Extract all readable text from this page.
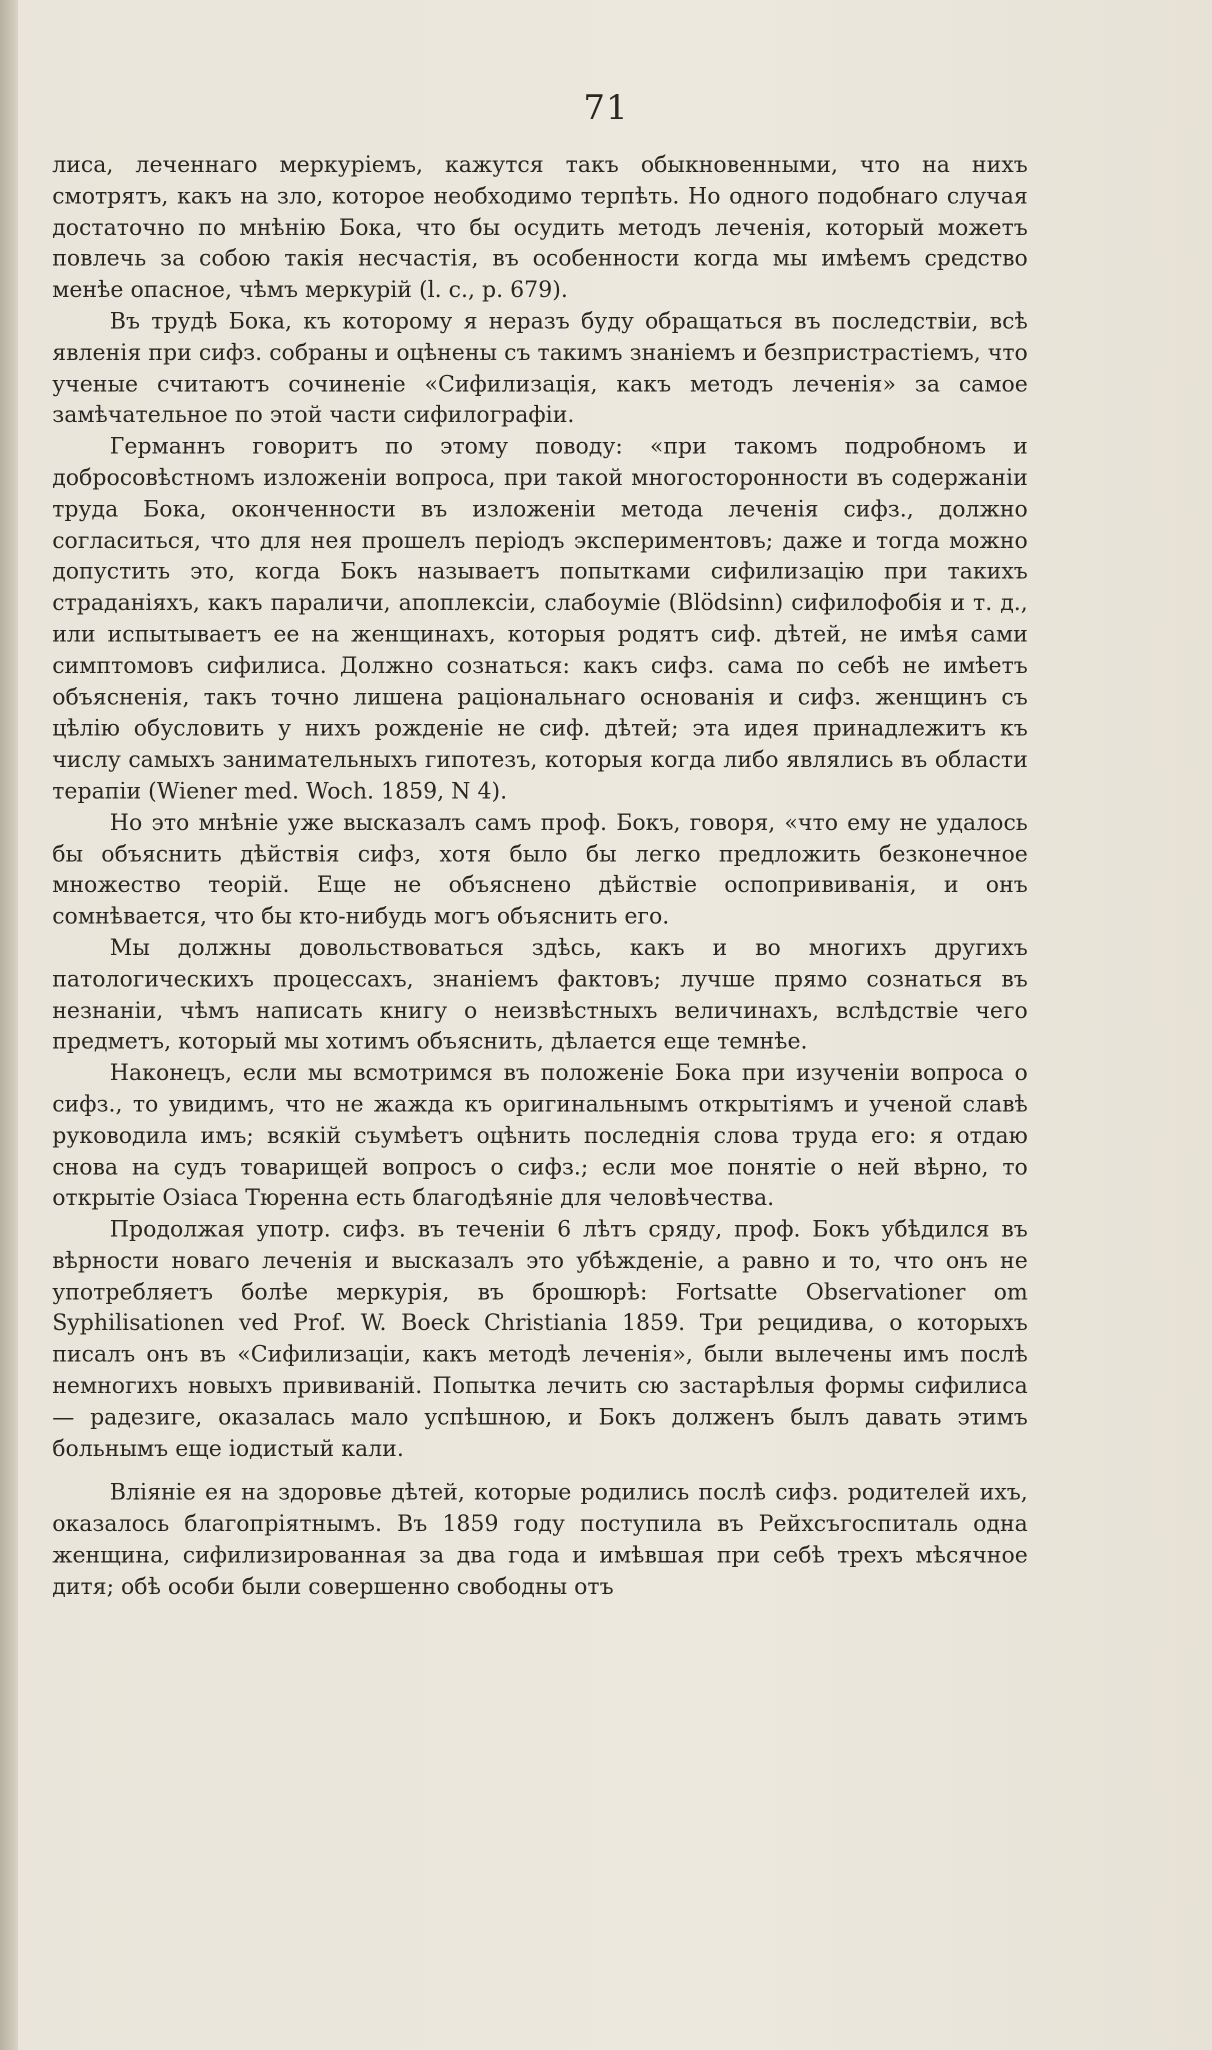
71

лиса, леченнаго меркуріемъ, кажутся такъ обыкновенными, что на нихъ смотрятъ, какъ на зло, которое необходимо терпѣть. Но одного подобнаго случая достаточно по мнѣнію Бока, что бы осудить методъ леченія, который можетъ повлечь за собою такія несчастія, въ особенности когда мы имѣемъ средство менѣе опасное, чѣмъ меркурій (l. c., p. 679).

Въ трудѣ Бока, къ которому я неразъ буду обращаться въ последствіи, всѣ явленія при сифз. собраны и оцѣнены съ такимъ знаніемъ и безпристрастіемъ, что ученые считаютъ сочиненіе «Сифилизація, какъ методъ леченія» за самое замѣчательное по этой части сифилографіи.

Германнъ говоритъ по этому поводу: «при такомъ подробномъ и добросовѣстномъ изложеніи вопроса, при такой многосторонности въ содержаніи труда Бока, оконченности въ изложеніи метода леченія сифз., должно согласиться, что для нея прошелъ періодъ экспериментовъ; даже и тогда можно допустить это, когда Бокъ называетъ попытками сифилизацію при такихъ страданіяхъ, какъ параличи, апоплексіи, слабоуміе (Blödsinn) сифилофобія и т. д., или испытываетъ ее на женщинахъ, которыя родятъ сиф. дѣтей, не имѣя сами симптомовъ сифилиса. Должно сознаться: какъ сифз. сама по себѣ не имѣетъ объясненія, такъ точно лишена раціональнаго основанія и сифз. женщинъ съ цѣлію обусловить у нихъ рожденіе не сиф. дѣтей; эта идея принадлежитъ къ числу самыхъ занимательныхъ гипотезъ, которыя когда либо являлись въ области терапіи (Wiener med. Woch. 1859, N 4).

Но это мнѣніе уже высказалъ самъ проф. Бокъ, говоря, «что ему не удалось бы объяснить дѣйствія сифз, хотя было бы легко предложить безконечное множество теорій. Еще не объяснено дѣйствіе оспопрививанія, и онъ сомнѣвается, что бы кто-нибудь могъ объяснить его.

Мы должны довольствоваться здѣсь, какъ и во многихъ другихъ патологическихъ процессахъ, знаніемъ фактовъ; лучше прямо сознаться въ незнаніи, чѣмъ написать книгу о неизвѣстныхъ величинахъ, вслѣдствіе чего предметъ, который мы хотимъ объяснить, дѣлается еще темнѣе.

Наконецъ, если мы всмотримся въ положеніе Бока при изученіи вопроса о сифз., то увидимъ, что не жажда къ оригинальнымъ открытіямъ и ученой славѣ руководила имъ; всякій съумѣетъ оцѣнить последнія слова труда его: я отдаю снова на судъ товарищей вопросъ о сифз.; если мое понятіе о ней вѣрно, то открытіе Озіаса Тюренна есть благодѣяніе для человѣчества.

Продолжая употр. сифз. въ теченіи 6 лѣтъ сряду, проф. Бокъ убѣдился въ вѣрности новаго леченія и высказалъ это убѣжденіе, а равно и то, что онъ не употребляетъ болѣе меркурія, въ брошюрѣ: Fortsatte Observationer om Syphilisationen ved Prof. W. Boeck Christiania 1859. Три рецидива, о которыхъ писалъ онъ въ «Сифилизаціи, какъ методѣ леченія», были вылечены имъ послѣ немногихъ новыхъ прививаній. Попытка лечить сю застарѣлыя формы сифилиса — радезиге, оказалась мало успѣшною, и Бокъ долженъ былъ давать этимъ больнымъ еще іодистый кали.

Вліяніе ея на здоровье дѣтей, которые родились послѣ сифз. родителей ихъ, оказалось благопріятнымъ. Въ 1859 году поступила въ Рейхсъгоспиталь одна женщина, сифилизированная за два года и имѣвшая при себѣ трехъ мѣсячное дитя; обѣ особи были совершенно свободны отъ
